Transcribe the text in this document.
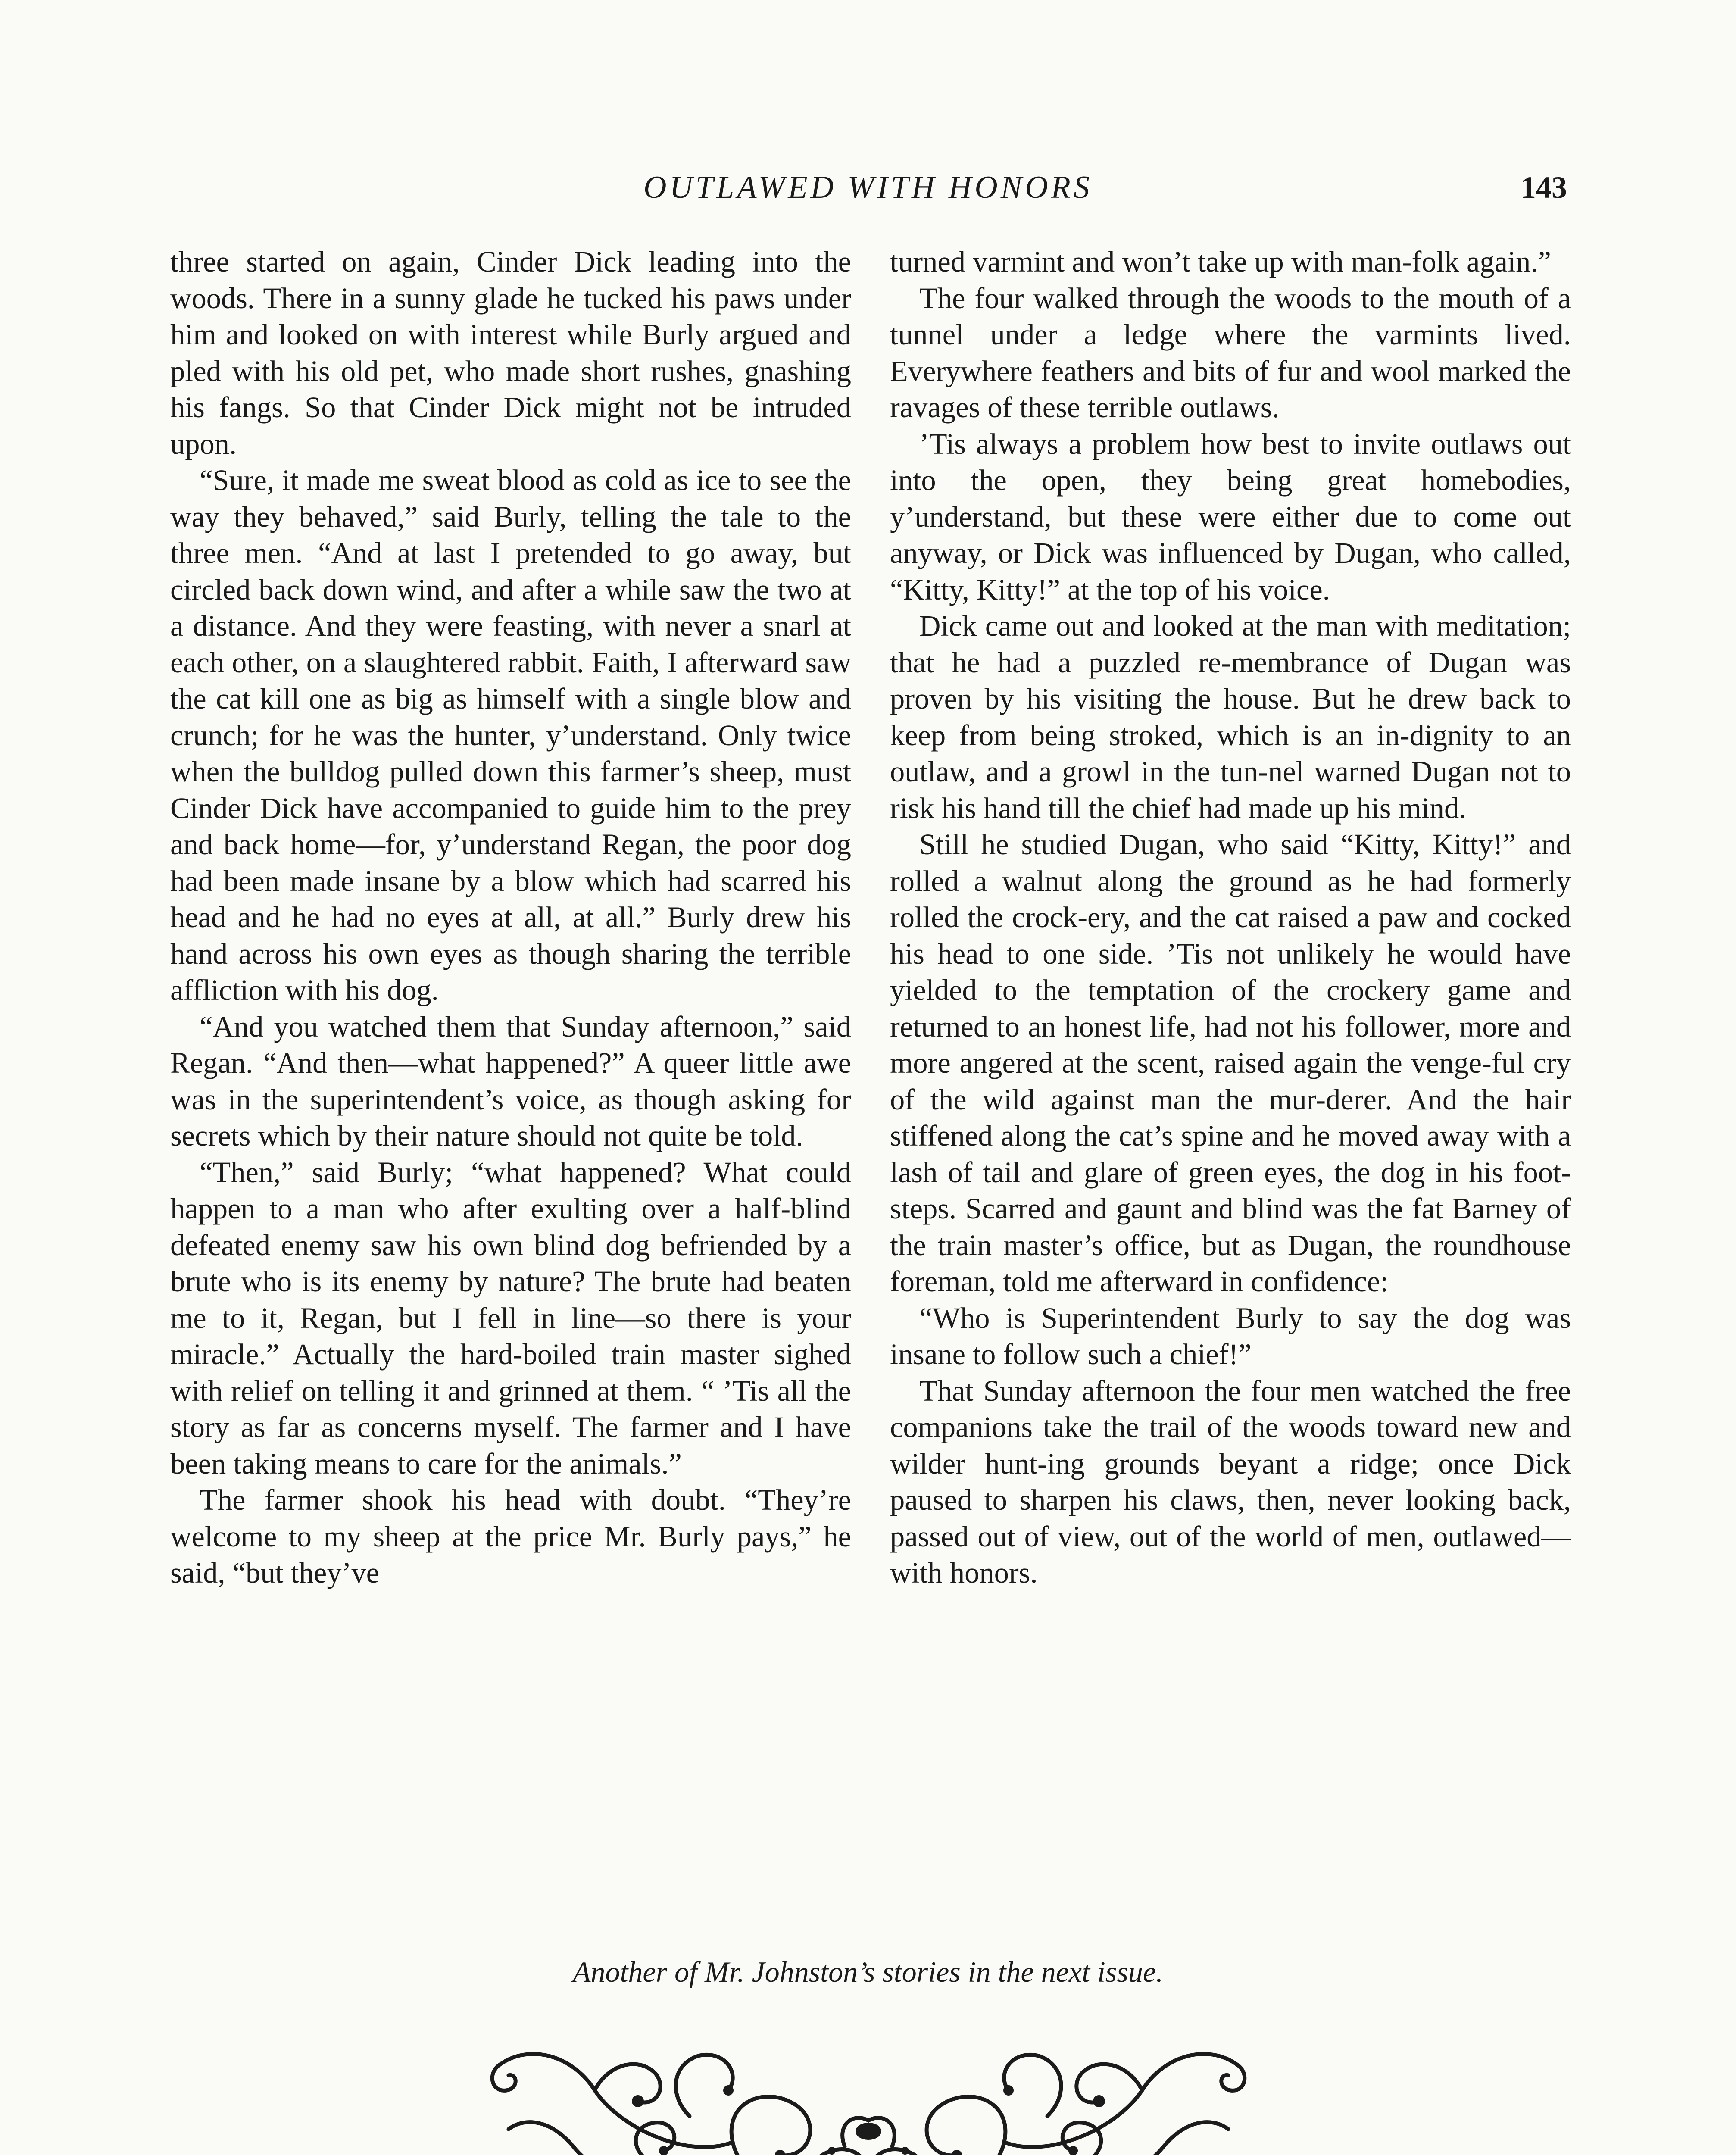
OUTLAWED WITH HONORS	143

three started on again, Cinder Dick leading into the woods. There in a sunny glade he tucked his paws under him and looked on with interest while Burly argued and pled with his old pet, who made short rushes, gnashing his fangs. So that Cinder Dick might not be intruded upon.

“Sure, it made me sweat blood as cold as ice to see the way they behaved,” said Burly, telling the tale to the three men. “And at last I pretended to go away, but circled back down wind, and after a while saw the two at a distance. And they were feasting, with never a snarl at each other, on a slaughtered rabbit. Faith, I afterward saw the cat kill one as big as himself with a single blow and crunch; for he was the hunter, y’understand. Only twice when the bulldog pulled down this farmer’s sheep, must Cinder Dick have accompanied to guide him to the prey and back home—for, y’understand Regan, the poor dog had been made insane by a blow which had scarred his head and he had no eyes at all, at all.” Burly drew his hand across his own eyes as though sharing the terrible affliction with his dog.

“And you watched them that Sunday afternoon,” said Regan. “And then—what happened?” A queer little awe was in the superintendent’s voice, as though asking for secrets which by their nature should not quite be told.

“Then,” said Burly; “what happened? What could happen to a man who after exulting over a half-blind defeated enemy saw his own blind dog befriended by a brute who is its enemy by nature? The brute had beaten me to it, Regan, but I fell in line—so there is your miracle.” Actually the hard-boiled train master sighed with relief on telling it and grinned at them. “ ’Tis all the story as far as concerns myself. The farmer and I have been taking means to care for the animals.”

The farmer shook his head with doubt. “They’re welcome to my sheep at the price Mr. Burly pays,” he said, “but they’ve

turned varmint and won’t take up with man-folk again.”

The four walked through the woods to the mouth of a tunnel under a ledge where the varmints lived. Everywhere feathers and bits of fur and wool marked the ravages of these terrible outlaws.

’Tis always a problem how best to invite outlaws out into the open, they being great homebodies, y’understand, but these were either due to come out anyway, or Dick was influenced by Dugan, who called, “Kitty, Kitty!” at the top of his voice.

Dick came out and looked at the man with meditation; that he had a puzzled re-membrance of Dugan was proven by his visiting the house. But he drew back to keep from being stroked, which is an in-dignity to an outlaw, and a growl in the tun-nel warned Dugan not to risk his hand till the chief had made up his mind.

Still he studied Dugan, who said “Kitty, Kitty!” and rolled a walnut along the ground as he had formerly rolled the crock-ery, and the cat raised a paw and cocked his head to one side. ’Tis not unlikely he would have yielded to the temptation of the crockery game and returned to an honest life, had not his follower, more and more angered at the scent, raised again the venge-ful cry of the wild against man the mur-derer. And the hair stiffened along the cat’s spine and he moved away with a lash of tail and glare of green eyes, the dog in his foot-steps. Scarred and gaunt and blind was the fat Barney of the train master’s office, but as Dugan, the roundhouse foreman, told me afterward in confidence:

“Who is Superintendent Burly to say the dog was insane to follow such a chief!”

That Sunday afternoon the four men watched the free companions take the trail of the woods toward new and wilder hunt-ing grounds beyant a ridge; once Dick paused to sharpen his claws, then, never looking back, passed out of view, out of the world of men, outlawed—with honors.

Another of Mr. Johnston’s stories in the next issue.
